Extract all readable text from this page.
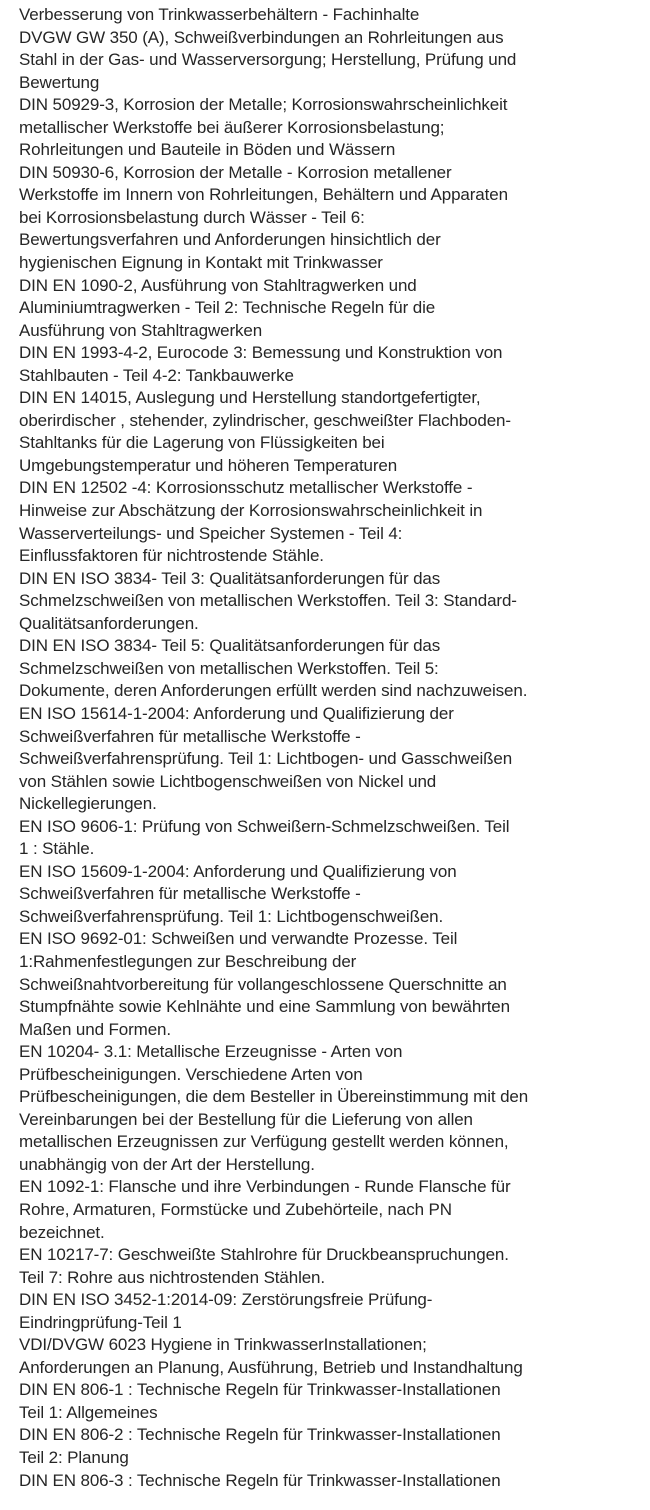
Verbesserung von Trinkwasserbehältern - Fachinhalte
DVGW GW 350 (A), Schweißverbindungen an Rohrleitungen aus
Stahl in der Gas- und Wasserversorgung; Herstellung, Prüfung und
Bewertung
DIN 50929-3, Korrosion der Metalle; Korrosionswahrscheinlichkeit
metallischer Werkstoffe bei äußerer Korrosionsbelastung;
Rohrleitungen und Bauteile in Böden und Wässern
DIN 50930-6, Korrosion der Metalle - Korrosion metallener
Werkstoffe im Innern von Rohrleitungen, Behältern und Apparaten
bei Korrosionsbelastung durch Wässer - Teil 6:
Bewertungsverfahren und Anforderungen hinsichtlich der
hygienischen Eignung in Kontakt mit Trinkwasser
DIN EN 1090-2, Ausführung von Stahltragwerken und
Aluminiumtragwerken - Teil 2: Technische Regeln für die
Ausführung von Stahltragwerken
DIN EN 1993-4-2, Eurocode 3: Bemessung und Konstruktion von
Stahlbauten - Teil 4-2: Tankbauwerke
DIN EN 14015, Auslegung und Herstellung standortgefertigter,
oberirdischer , stehender, zylindrischer, geschweißter Flachboden-
Stahltanks für die Lagerung von Flüssigkeiten bei
Umgebungstemperatur und höheren Temperaturen
DIN EN 12502 -4: Korrosionsschutz metallischer Werkstoffe -
Hinweise zur Abschätzung der Korrosionswahrscheinlichkeit in
Wasserverteilungs- und Speicher Systemen - Teil 4:
Einflussfaktoren für nichtrostende Stähle.
DIN EN ISO 3834- Teil 3: Qualitätsanforderungen für das
Schmelzschweißen von metallischen Werkstoffen. Teil 3: Standard-
Qualitätsanforderungen.
DIN EN ISO 3834- Teil 5: Qualitätsanforderungen für das
Schmelzschweißen von metallischen Werkstoffen. Teil 5:
Dokumente, deren Anforderungen erfüllt werden sind nachzuweisen.
EN ISO 15614-1-2004: Anforderung und Qualifizierung der
Schweißverfahren für metallische Werkstoffe -
Schweißverfahrensprüfung. Teil 1: Lichtbogen- und Gasschweißen
von Stählen sowie Lichtbogenschweißen von Nickel und
Nickellegierungen.
EN ISO 9606-1: Prüfung von Schweißern-Schmelzschweißen. Teil
1 : Stähle.
EN ISO 15609-1-2004: Anforderung und Qualifizierung von
Schweißverfahren für metallische Werkstoffe -
Schweißverfahrensprüfung. Teil 1: Lichtbogenschweißen.
EN ISO 9692-01: Schweißen und verwandte Prozesse. Teil
1:Rahmenfestlegungen zur Beschreibung der
Schweißnahtvorbereitung für vollangeschlossene Querschnitte an
Stumpfnähte sowie Kehlnähte und eine Sammlung von bewährten
Maßen und Formen.
EN 10204- 3.1: Metallische Erzeugnisse - Arten von
Prüfbescheinigungen. Verschiedene Arten von
Prüfbescheinigungen, die dem Besteller in Übereinstimmung mit den
Vereinbarungen bei der Bestellung für die Lieferung von allen
metallischen Erzeugnissen zur Verfügung gestellt werden können,
unabhängig von der Art der Herstellung.
EN 1092-1: Flansche und ihre Verbindungen - Runde Flansche für
Rohre, Armaturen, Formstücke und Zubehörteile, nach PN
bezeichnet.
EN 10217-7: Geschweißte Stahlrohre für Druckbeanspruchungen.
Teil 7: Rohre aus nichtrostenden Stählen.
DIN EN ISO 3452-1:2014-09: Zerstörungsfreie Prüfung-
Eindringprüfung-Teil 1
VDI/DVGW 6023 Hygiene in TrinkwasserInstallationen;
Anforderungen an Planung, Ausführung, Betrieb und Instandhaltung
DIN EN 806-1 : Technische Regeln für Trinkwasser-Installationen
Teil 1: Allgemeines
DIN EN 806-2 : Technische Regeln für Trinkwasser-Installationen
Teil 2: Planung
DIN EN 806-3 : Technische Regeln für Trinkwasser-Installationen
